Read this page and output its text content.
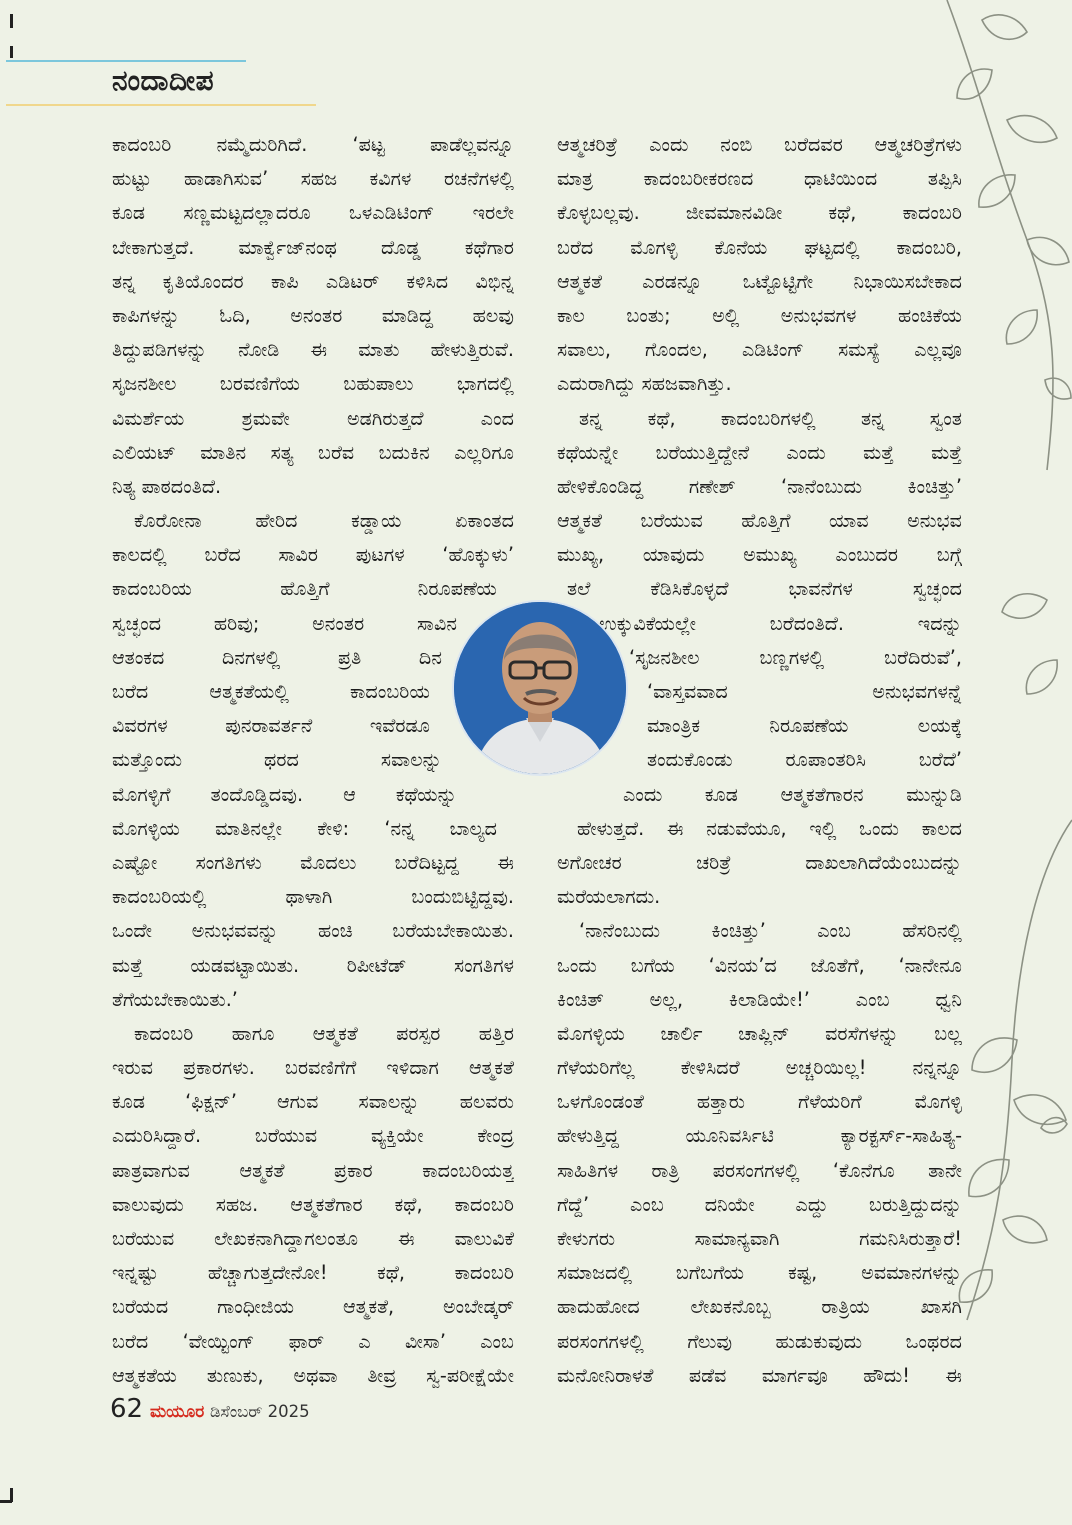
ನಂದಾದೀಪ
ಕಾದಂಬರಿ ನಮ್ಮೆದುರಿಗಿದೆ. ‘ಪಟ್ಟ ಪಾಡೆಲ್ಲವನ್ನೂ
ಹುಟ್ಟು ಹಾಡಾಗಿಸುವ’ ಸಹಜ ಕವಿಗಳ ರಚನೆಗಳಲ್ಲಿ
ಕೂಡ ಸಣ್ಣಮಟ್ಟದಲ್ಲಾದರೂ ಒಳಎಡಿಟಿಂಗ್ ಇರಲೇ
ಬೇಕಾಗುತ್ತದೆ. ಮಾರ್ಕ್ವೆಜ್‌ನಂಥ ದೊಡ್ಡ ಕಥೆಗಾರ
ತನ್ನ ಕೃತಿಯೊಂದರ ಕಾಪಿ ಎಡಿಟರ್ ಕಳಿಸಿದ ವಿಭಿನ್ನ
ಕಾಪಿಗಳನ್ನು ಓದಿ, ಅನಂತರ ಮಾಡಿದ್ದ ಹಲವು
ತಿದ್ದುಪಡಿಗಳನ್ನು ನೋಡಿ ಈ ಮಾತು ಹೇಳುತ್ತಿರುವೆ.
ಸೃಜನಶೀಲ ಬರವಣಿಗೆಯ ಬಹುಪಾಲು ಭಾಗದಲ್ಲಿ
ವಿಮರ್ಶೆಯ ಶ್ರಮವೇ ಅಡಗಿರುತ್ತದೆ ಎಂದ
ಎಲಿಯಟ್ ಮಾತಿನ ಸತ್ಯ ಬರೆವ ಬದುಕಿನ ಎಲ್ಲರಿಗೂ
ನಿತ್ಯ ಪಾಠದಂತಿದೆ.
ಕೊರೋನಾ ಹೇರಿದ ಕಡ್ಡಾಯ ಏಕಾಂತದ
ಕಾಲದಲ್ಲಿ ಬರೆದ ಸಾವಿರ ಪುಟಗಳ ‘ಹೊಕ್ಕುಳು’
ಕಾದಂಬರಿಯ ಹೊತ್ತಿಗೆ ನಿರೂಪಣೆಯ
ಸ್ವಚ್ಛಂದ ಹರಿವು; ಅನಂತರ ಸಾವಿನ
ಆತಂಕದ ದಿನಗಳಲ್ಲಿ ಪ್ರತಿ ದಿನ
ಬರೆದ ಆತ್ಮಕತೆಯಲ್ಲಿ ಕಾದಂಬರಿಯ
ವಿವರಗಳ ಪುನರಾವರ್ತನೆ ಇವೆರಡೂ
ಮತ್ತೊಂದು ಥರದ ಸವಾಲನ್ನು
ಮೊಗಳ್ಳಿಗೆ ತಂದೊಡ್ಡಿದವು. ಆ ಕಥೆಯನ್ನು
ಮೊಗಳ್ಳಿಯ ಮಾತಿನಲ್ಲೇ ಕೇಳಿ: ‘ನನ್ನ ಬಾಲ್ಯದ
ಎಷ್ಟೋ ಸಂಗತಿಗಳು ಮೊದಲು ಬರೆದಿಟ್ಟದ್ದ ಈ
ಕಾದಂಬರಿಯಲ್ಲಿ ಥಾಳಾಗಿ ಬಂದುಬಿಟ್ಟಿದ್ದವು.
ಒಂದೇ ಅನುಭವವನ್ನು ಹಂಚಿ ಬರೆಯಬೇಕಾಯಿತು.
ಮತ್ತೆ ಯಡವಟ್ಟಾಯಿತು. ರಿಪೀಟೆಡ್ ಸಂಗತಿಗಳ
ತೆಗೆಯಬೇಕಾಯಿತು.’
ಕಾದಂಬರಿ ಹಾಗೂ ಆತ್ಮಕತೆ ಪರಸ್ಪರ ಹತ್ತಿರ
ಇರುವ ಪ್ರಕಾರಗಳು. ಬರವಣಿಗೆಗೆ ಇಳಿದಾಗ ಆತ್ಮಕತೆ
ಕೂಡ ‘ಫಿಕ್ಷನ್’ ಆಗುವ ಸವಾಲನ್ನು ಹಲವರು
ಎದುರಿಸಿದ್ದಾರೆ. ಬರೆಯುವ ವ್ಯಕ್ತಿಯೇ ಕೇಂದ್ರ
ಪಾತ್ರವಾಗುವ ಆತ್ಮಕತೆ ಪ್ರಕಾರ ಕಾದಂಬರಿಯತ್ತ
ವಾಲುವುದು ಸಹಜ. ಆತ್ಮಕತೆಗಾರ ಕಥೆ, ಕಾದಂಬರಿ
ಬರೆಯುವ ಲೇಖಕನಾಗಿದ್ದಾಗಲಂತೂ ಈ ವಾಲುವಿಕೆ
ಇನ್ನಷ್ಟು ಹೆಚ್ಚಾಗುತ್ತದೇನೋ! ಕಥೆ, ಕಾದಂಬರಿ
ಬರೆಯದ ಗಾಂಧೀಜಿಯ ಆತ್ಮಕತೆ, ಅಂಬೇಡ್ಕರ್
ಬರೆದ ‘ವೇಯ್ಟಿಂಗ್ ಫಾರ್ ಎ ವೀಸಾ’ ಎಂಬ
ಆತ್ಮಕತೆಯ ತುಣುಕು, ಅಥವಾ ತೀವ್ರ ಸ್ವ-ಪರೀಕ್ಷೆಯೇ
ಆತ್ಮಚರಿತ್ರೆ ಎಂದು ನಂಬಿ ಬರೆದವರ ಆತ್ಮಚರಿತ್ರೆಗಳು
ಮಾತ್ರ ಕಾದಂಬರೀಕರಣದ ಧಾಟಿಯಿಂದ ತಪ್ಪಿಸಿ
ಕೊಳ್ಳಬಲ್ಲವು. ಜೀವಮಾನವಿಡೀ ಕಥೆ, ಕಾದಂಬರಿ
ಬರೆದ ಮೊಗಳ್ಳಿ ಕೊನೆಯ ಘಟ್ಟದಲ್ಲಿ ಕಾದಂಬರಿ,
ಆತ್ಮಕತೆ ಎರಡನ್ನೂ ಒಟ್ಟೊಟ್ಟಿಗೇ ನಿಭಾಯಿಸಬೇಕಾದ
ಕಾಲ ಬಂತು; ಅಲ್ಲಿ ಅನುಭವಗಳ ಹಂಚಿಕೆಯ
ಸವಾಲು, ಗೊಂದಲ, ಎಡಿಟಿಂಗ್ ಸಮಸ್ಯೆ ಎಲ್ಲವೂ
ಎದುರಾಗಿದ್ದು ಸಹಜವಾಗಿತ್ತು.
ತನ್ನ ಕಥೆ, ಕಾದಂಬರಿಗಳಲ್ಲಿ ತನ್ನ ಸ್ವಂತ
ಕಥೆಯನ್ನೇ ಬರೆಯುತ್ತಿದ್ದೇನೆ ಎಂದು ಮತ್ತೆ ಮತ್ತೆ
ಹೇಳಿಕೊಂಡಿದ್ದ ಗಣೇಶ್ ‘ನಾನೆಂಬುದು ಕಿಂಚಿತ್ತು’
ಆತ್ಮಕತೆ ಬರೆಯುವ ಹೊತ್ತಿಗೆ ಯಾವ ಅನುಭವ
ಮುಖ್ಯ, ಯಾವುದು ಅಮುಖ್ಯ ಎಂಬುದರ ಬಗ್ಗೆ
ತಲೆ ಕೆಡಿಸಿಕೊಳ್ಳದೆ ಭಾವನೆಗಳ ಸ್ವಚ್ಛಂದ
ಉಕ್ಕುವಿಕೆಯಲ್ಲೇ ಬರೆದಂತಿದೆ. ಇದನ್ನು
‘ಸೃಜನಶೀಲ ಬಣ್ಣಗಳಲ್ಲಿ ಬರೆದಿರುವೆ’,
‘ವಾಸ್ತವವಾದ ಅನುಭವಗಳನ್ನೆ
ಮಾಂತ್ರಿಕ ನಿರೂಪಣೆಯ ಲಯಕ್ಕೆ
ತಂದುಕೊಂಡು ರೂಪಾಂತರಿಸಿ ಬರೆದೆ’
ಎಂದು ಕೂಡ ಆತ್ಮಕತೆಗಾರನ ಮುನ್ನುಡಿ
ಹೇಳುತ್ತದೆ. ಈ ನಡುವೆಯೂ, ಇಲ್ಲಿ ಒಂದು ಕಾಲದ
ಅಗೋಚರ ಚರಿತ್ರೆ ದಾಖಲಾಗಿದೆಯೆಂಬುದನ್ನು
ಮರೆಯಲಾಗದು.
‘ನಾನೆಂಬುದು ಕಿಂಚಿತ್ತು’ ಎಂಬ ಹೆಸರಿನಲ್ಲಿ
ಒಂದು ಬಗೆಯ ‘ವಿನಯ’ದ ಜೊತೆಗೆ, ‘ನಾನೇನೂ
ಕಿಂಚಿತ್ ಅಲ್ಲ, ಕಿಲಾಡಿಯೇ!’ ಎಂಬ ಧ್ವನಿ
ಮೊಗಳ್ಳಿಯ ಚಾರ್ಲಿ ಚಾಪ್ಲಿನ್ ವರಸೆಗಳನ್ನು ಬಲ್ಲ
ಗೆಳೆಯರಿಗೆಲ್ಲ ಕೇಳಿಸಿದರೆ ಅಚ್ಚರಿಯಿಲ್ಲ! ನನ್ನನ್ನೂ
ಒಳಗೊಂಡಂತೆ ಹತ್ತಾರು ಗೆಳೆಯರಿಗೆ ಮೊಗಳ್ಳಿ
ಹೇಳುತ್ತಿದ್ದ ಯೂನಿವರ್ಸಿಟಿ ಕ್ಯಾರಕ್ಟರ್ಸ್-ಸಾಹಿತ್ಯ-
ಸಾಹಿತಿಗಳ ರಾತ್ರಿ ಪರಸಂಗಗಳಲ್ಲಿ ‘ಕೊನೆಗೂ ತಾನೇ
ಗೆದ್ದೆ’ ಎಂಬ ದನಿಯೇ ಎದ್ದು ಬರುತ್ತಿದ್ದುದನ್ನು
ಕೇಳುಗರು ಸಾಮಾನ್ಯವಾಗಿ ಗಮನಿಸಿರುತ್ತಾರೆ!
ಸಮಾಜದಲ್ಲಿ ಬಗೆಬಗೆಯ ಕಷ್ಟ, ಅವಮಾನಗಳನ್ನು
ಹಾದುಹೋದ ಲೇಖಕನೊಬ್ಬ ರಾತ್ರಿಯ ಖಾಸಗಿ
ಪರಸಂಗಗಳಲ್ಲಿ ಗೆಲುವು ಹುಡುಕುವುದು ಒಂಥರದ
ಮನೋನಿರಾಳತೆ ಪಡೆವ ಮಾರ್ಗವೂ ಹೌದು! ಈ
62 ಮಯೂರ ಡಿಸೆಂಬರ್ 2025
